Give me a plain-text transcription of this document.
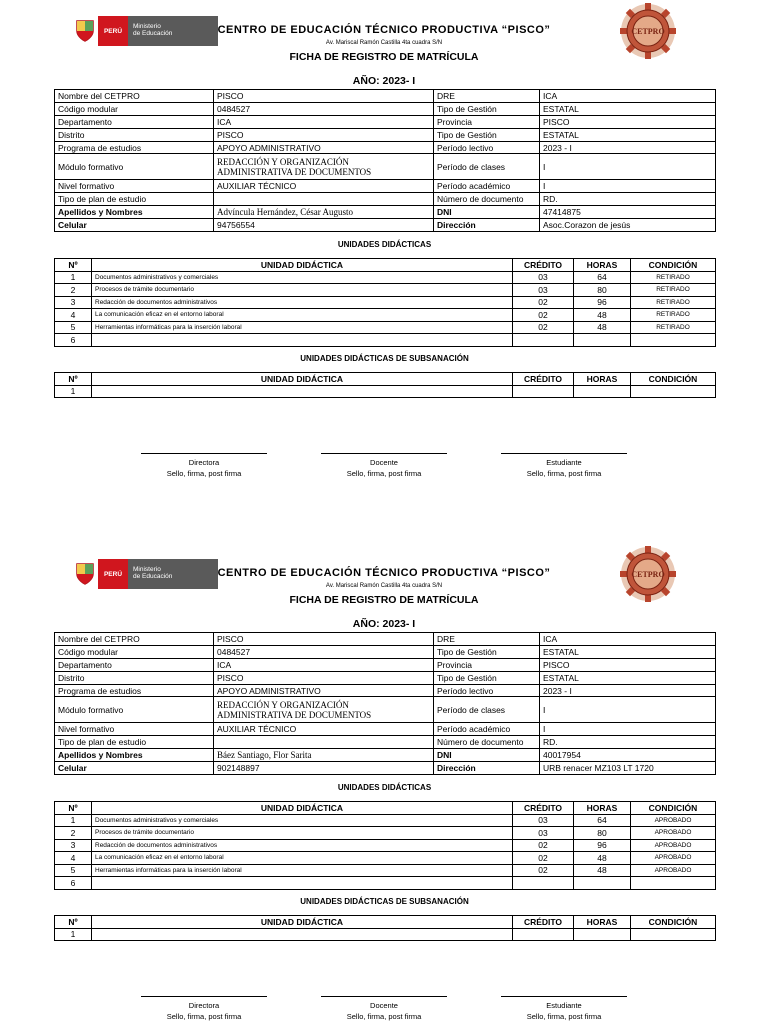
PERÚ
Ministerio
de Educación	CENTRO DE EDUCACIÓN TÉCNICO PRODUCTIVA “PISCO”
Av. Mariscal Ramón Castilla 4ta cuadra S/N
FICHA DE REGISTRO DE MATRÍCULA
AÑO: 2023- I
CETPRO
Nombre del CETPRO	PISCO	DRE	ICA
Código modular	0484527	Tipo de Gestión	ESTATAL
Departamento	ICA	Provincia	PISCO
Distrito	PISCO	Tipo de Gestión	ESTATAL
Programa de estudios	APOYO ADMINISTRATIVO	Período lectivo	2023 - I
Módulo formativo	REDACCIÓN Y ORGANIZACIÓN
ADMINISTRATIVA DE DOCUMENTOS	Período de clases	I
Nivel formativo	AUXILIAR TÉCNICO	Período académico	I
Tipo de plan de estudio		Número de documento	RD.
Apellidos y Nombres	Advíncula Hernández, César Augusto	DNI	47414875
Celular	94756554	Dirección	Asoc.Corazon de jesús
UNIDADES DIDÁCTICAS
Nº	UNIDAD DIDÁCTICA	CRÉDITO	HORAS	CONDICIÓN
1	Documentos administrativos y comerciales	03	64	RETIRADO
2	Procesos de trámite documentario	03	80	RETIRADO
3	Redacción de documentos administrativos	02	96	RETIRADO
4	La comunicación eficaz en el entorno laboral	02	48	RETIRADO
5	Herramientas informáticas para la inserción laboral	02	48	RETIRADO
6				
UNIDADES DIDÁCTICAS DE SUBSANACIÓN
Nº	UNIDAD DIDÁCTICA	CRÉDITO	HORAS	CONDICIÓN
1				
Directora
Sello, firma, post firma
Docente
Sello, firma, post firma
Estudiante
Sello, firma, post firma
PERÚ
Ministerio
de Educación	CENTRO DE EDUCACIÓN TÉCNICO PRODUCTIVA “PISCO”
Av. Mariscal Ramón Castilla 4ta cuadra S/N
FICHA DE REGISTRO DE MATRÍCULA
AÑO: 2023- I
CETPRO
Nombre del CETPRO	PISCO	DRE	ICA
Código modular	0484527	Tipo de Gestión	ESTATAL
Departamento	ICA	Provincia	PISCO
Distrito	PISCO	Tipo de Gestión	ESTATAL
Programa de estudios	APOYO ADMINISTRATIVO	Período lectivo	2023 - I
Módulo formativo	REDACCIÓN Y ORGANIZACIÓN
ADMINISTRATIVA DE DOCUMENTOS	Período de clases	I
Nivel formativo	AUXILIAR TÉCNICO	Período académico	I
Tipo de plan de estudio		Número de documento	RD.
Apellidos y Nombres	Báez Santiago, Flor Sarita	DNI	40017954
Celular	902148897	Dirección	URB renacer MZ103 LT 1720
UNIDADES DIDÁCTICAS
Nº	UNIDAD DIDÁCTICA	CRÉDITO	HORAS	CONDICIÓN
1	Documentos administrativos y comerciales	03	64	APROBADO
2	Procesos de trámite documentario	03	80	APROBADO
3	Redacción de documentos administrativos	02	96	APROBADO
4	La comunicación eficaz en el entorno laboral	02	48	APROBADO
5	Herramientas informáticas para la inserción laboral	02	48	APROBADO
6				
UNIDADES DIDÁCTICAS DE SUBSANACIÓN
Nº	UNIDAD DIDÁCTICA	CRÉDITO	HORAS	CONDICIÓN
1				
Directora
Sello, firma, post firma
Docente
Sello, firma, post firma
Estudiante
Sello, firma, post firma
